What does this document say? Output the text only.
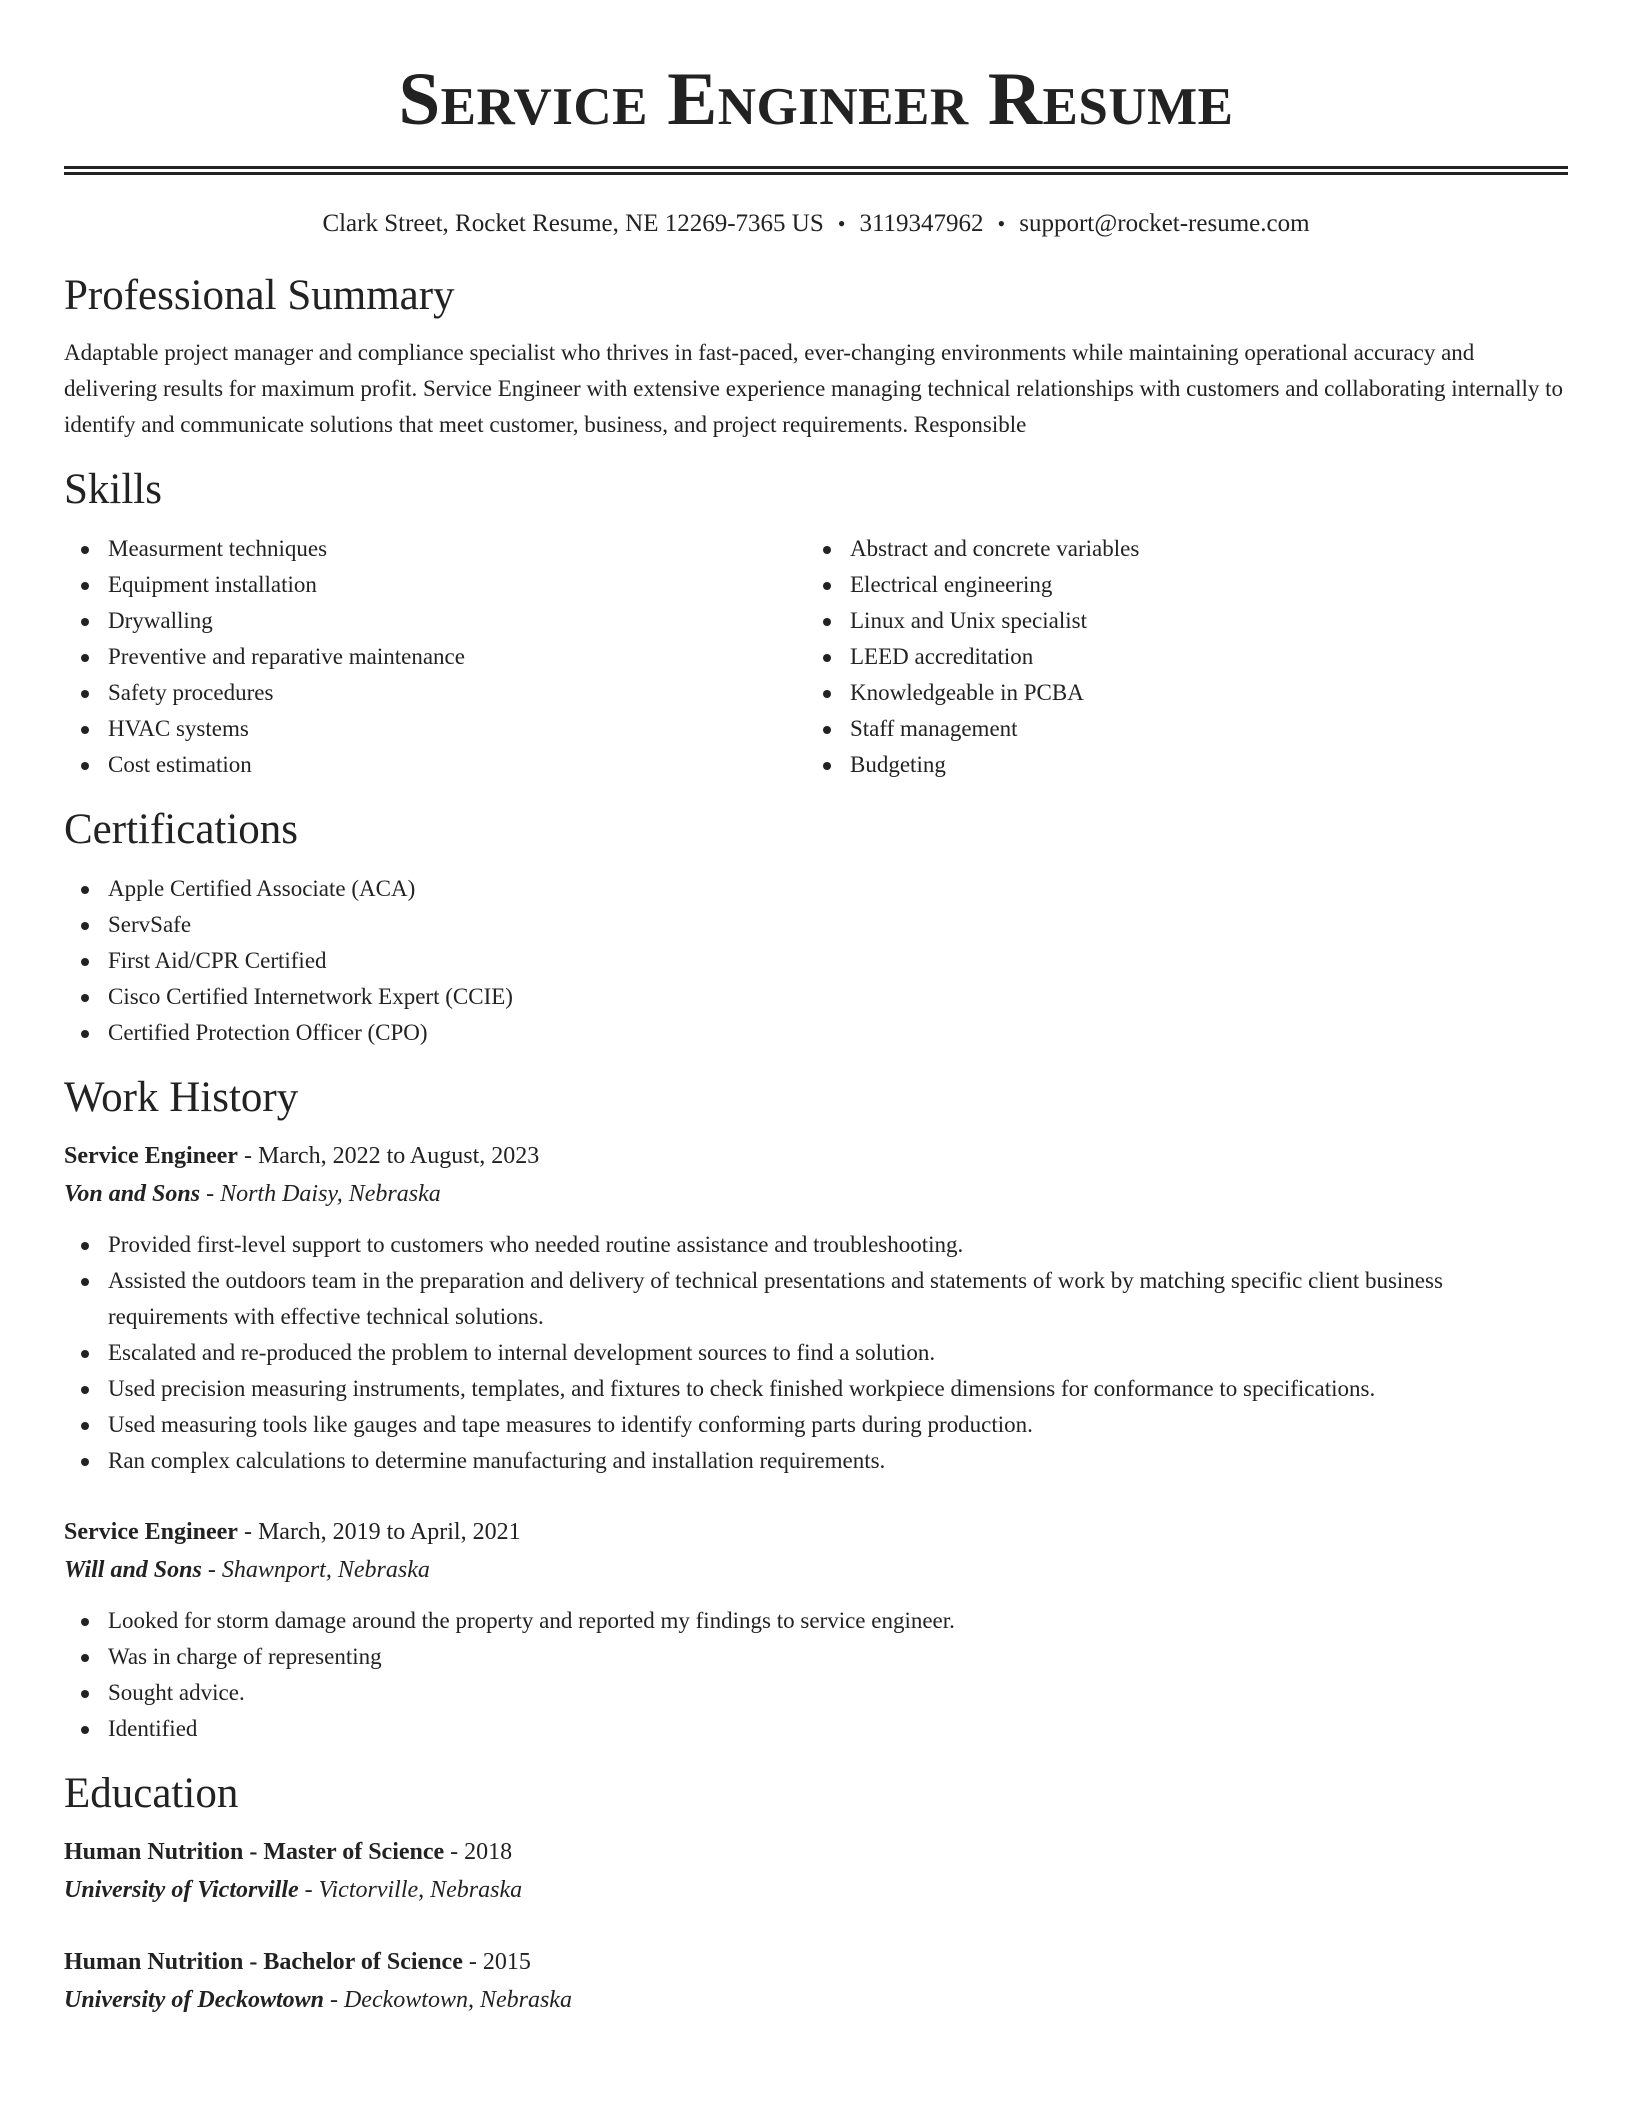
Service Engineer Resume
Clark Street, Rocket Resume, NE 12269-7365 US • 3119347962 • support@rocket-resume.com
Professional Summary

Adaptable project manager and compliance specialist who thrives in fast-paced, ever-changing environments while maintaining operational accuracy and delivering results for maximum profit. Service Engineer with extensive experience managing technical relationships with customers and collaborating internally to identify and communicate solutions that meet customer, business, and project requirements. Responsible

Skills
Measurment techniques
Equipment installation
Drywalling
Preventive and reparative maintenance
Safety procedures
HVAC systems
Cost estimation
Abstract and concrete variables
Electrical engineering
Linux and Unix specialist
LEED accreditation
Knowledgeable in PCBA
Staff management
Budgeting
Certifications
Apple Certified Associate (ACA)
ServSafe
First Aid/CPR Certified
Cisco Certified Internetwork Expert (CCIE)
Certified Protection Officer (CPO)
Work History
Service Engineer - March, 2022 to August, 2023
Von and Sons - North Daisy, Nebraska
Provided first-level support to customers who needed routine assistance and troubleshooting.
Assisted the outdoors team in the preparation and delivery of technical presentations and statements of work by matching specific client business requirements with effective technical solutions.
Escalated and re-produced the problem to internal development sources to find a solution.
Used precision measuring instruments, templates, and fixtures to check finished workpiece dimensions for conformance to specifications.
Used measuring tools like gauges and tape measures to identify conforming parts during production.
Ran complex calculations to determine manufacturing and installation requirements.
Service Engineer - March, 2019 to April, 2021
Will and Sons - Shawnport, Nebraska
Looked for storm damage around the property and reported my findings to service engineer.
Was in charge of representing
Sought advice.
Identified
Education
Human Nutrition - Master of Science - 2018
University of Victorville - Victorville, Nebraska
Human Nutrition - Bachelor of Science - 2015
University of Deckowtown - Deckowtown, Nebraska
